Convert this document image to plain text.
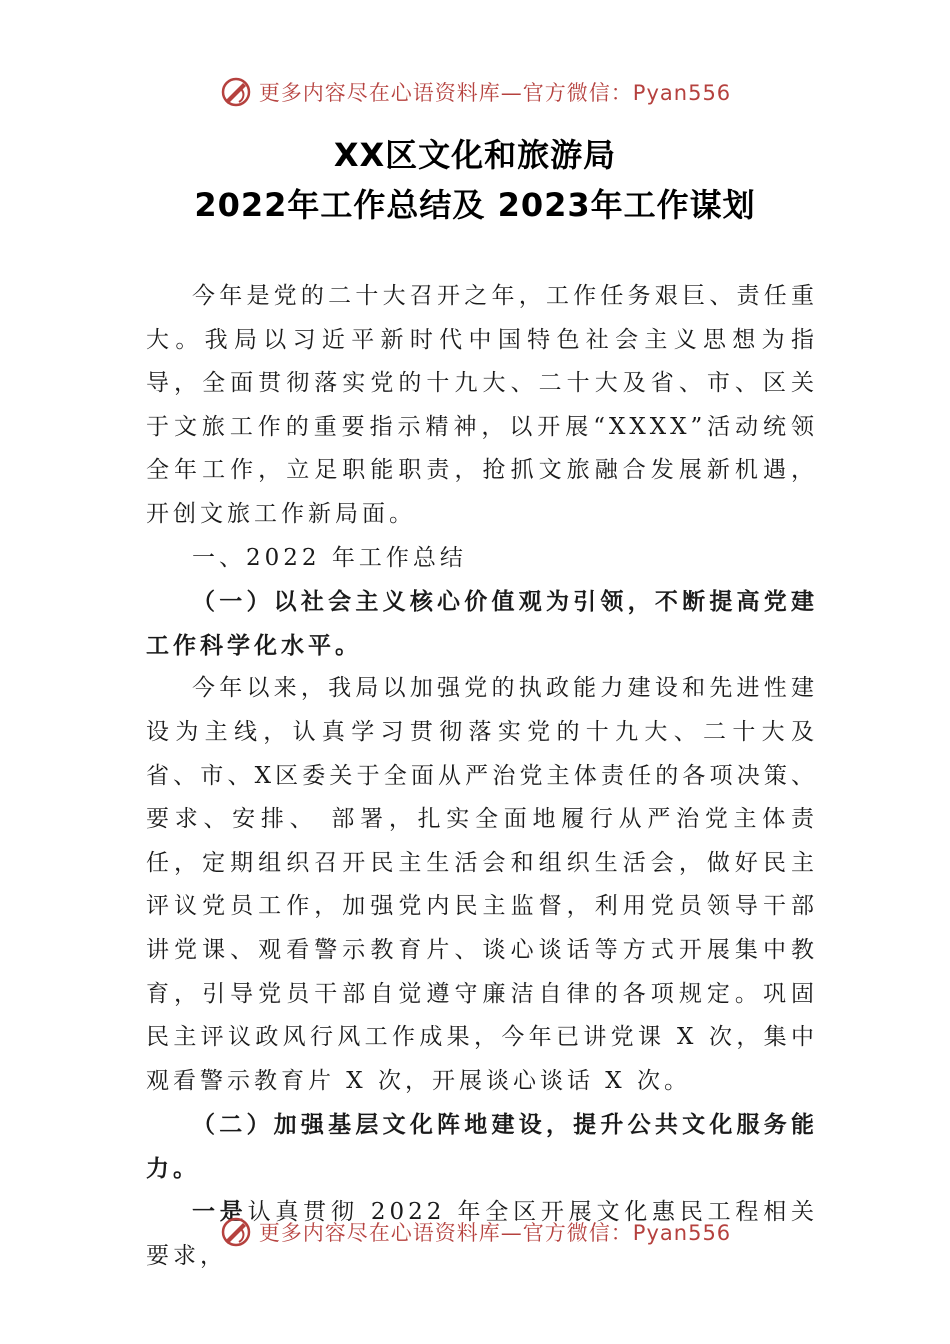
更多内容尽在心语资料库—官方微信：Pyan556
XX区文化和旅游局
2022年工作总结及 2023年工作谋划

今年是党的二十大召开之年，工作任务艰巨、责任重大。我局以习近平新时代中国特色社会主义思想为指导，全面贯彻落实党的十九大、二十大及省、市、区关于文旅工作的重要指示精神，以开展“XXXX”活动统领全年工作，立足职能职责，抢抓文旅融合发展新机遇，开创文旅工作新局面。

一、2022 年工作总结

（一）以社会主义核心价值观为引领，不断提高党建工作科学化水平。

今年以来，我局以加强党的执政能力建设和先进性建设为主线，认真学习贯彻落实党的十九大、二十大及省、市、X区委关于全面从严治党主体责任的各项决策、要求、安排、 部署，扎实全面地履行从严治党主体责任，定期组织召开民主生活会和组织生活会，做好民主评议党员工作，加强党内民主监督，利用党员领导干部讲党课、观看警示教育片、谈心谈话等方式开展集中教育，引导党员干部自觉遵守廉洁自律的各项规定。巩固民主评议政风行风工作成果，今年已讲党课 X 次，集中观看警示教育片 X 次，开展谈心谈话 X 次。

（二）加强基层文化阵地建设，提升公共文化服务能力。

一是认真贯彻 2022 年全区开展文化惠民工程相关要求，

更多内容尽在心语资料库—官方微信：Pyan556
